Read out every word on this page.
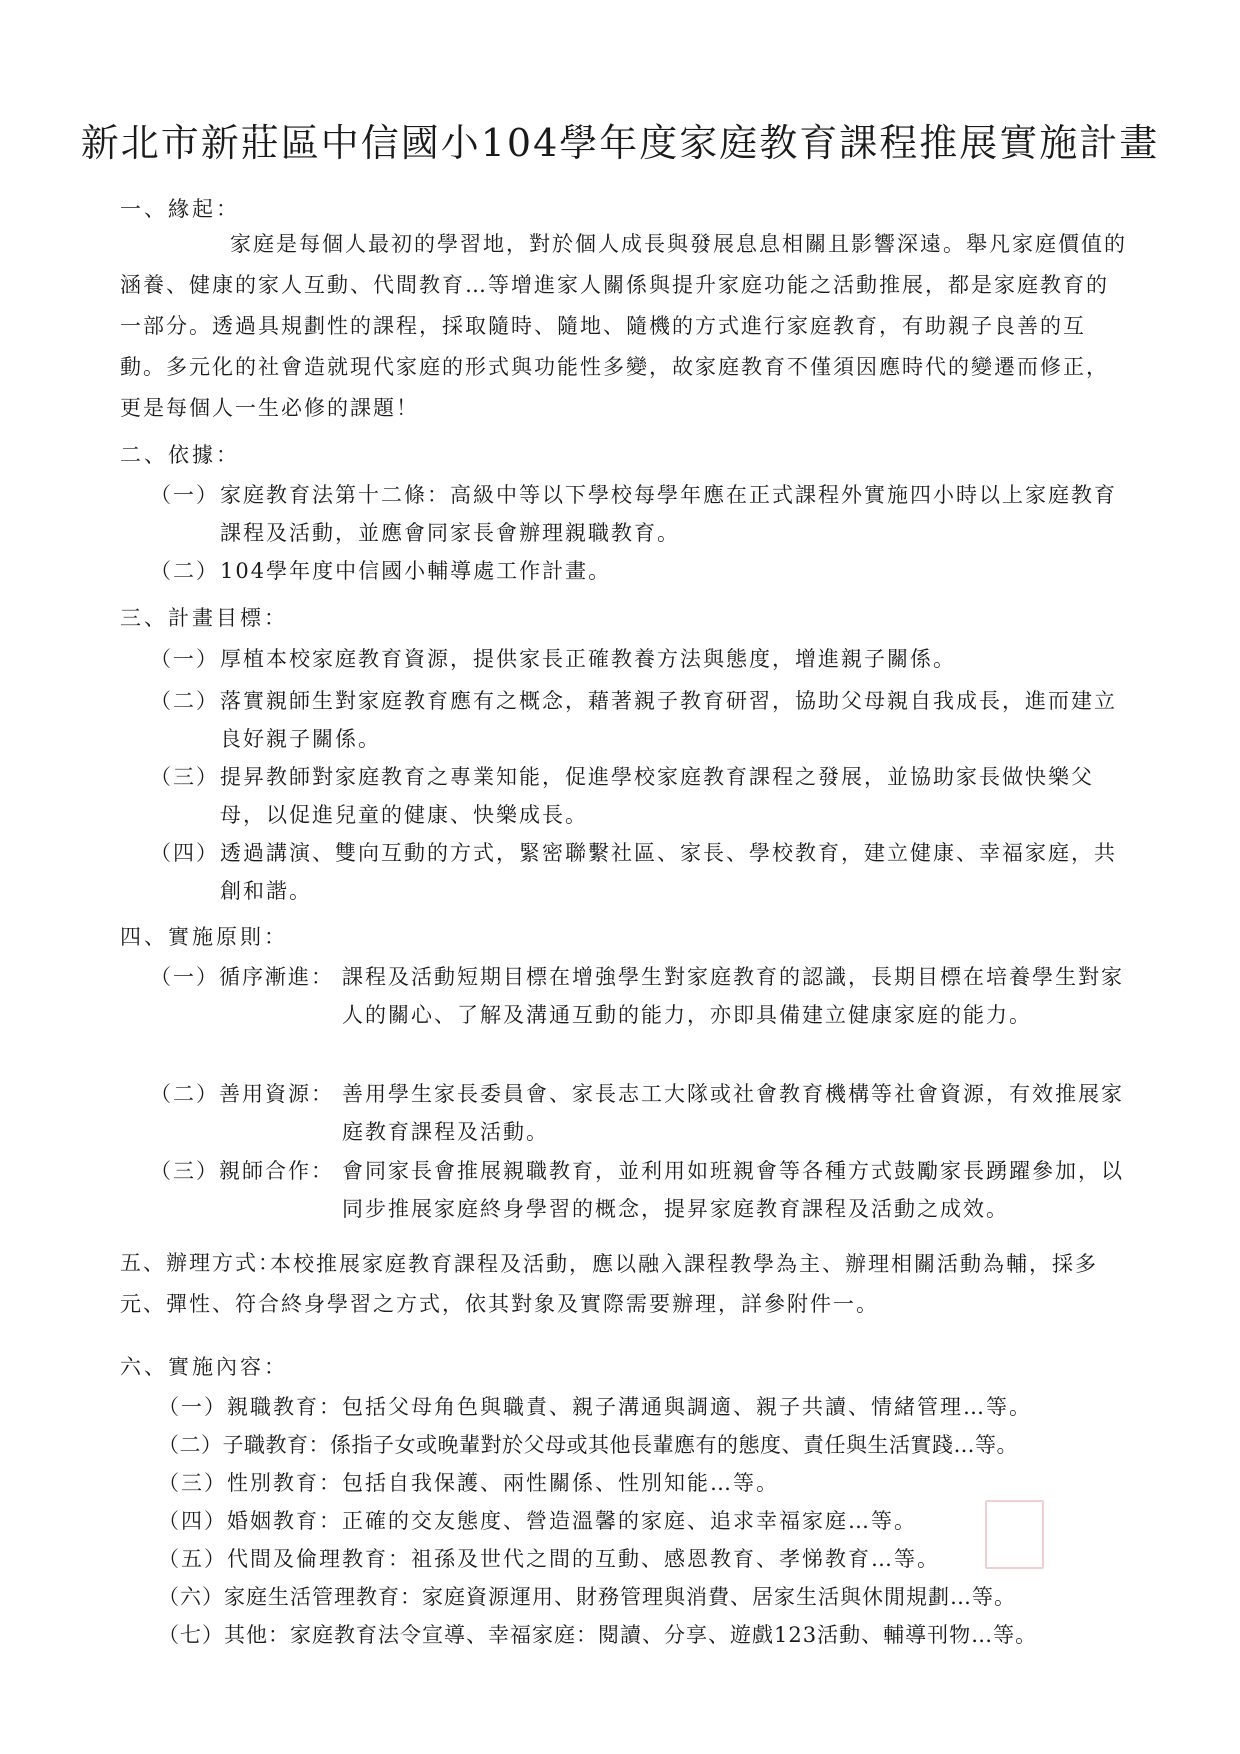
新北市新莊區中信國小104學年度家庭教育課程推展實施計畫
一、緣起：
家庭是每個人最初的學習地，對於個人成長與發展息息相關且影響深遠。舉凡家庭價值的涵養、健康的家人互動、代間教育…等增進家人關係與提升家庭功能之活動推展，都是家庭教育的一部分。透過具規劃性的課程，採取隨時、隨地、隨機的方式進行家庭教育，有助親子良善的互動。多元化的社會造就現代家庭的形式與功能性多變，故家庭教育不僅須因應時代的變遷而修正，更是每個人一生必修的課題！
二、依據：
（一） 家庭教育法第十二條：高級中等以下學校每學年應在正式課程外實施四小時以上家庭教育課程及活動，並應會同家長會辦理親職教育。
（二） 104學年度中信國小輔導處工作計畫。
三、計畫目標：
（一） 厚植本校家庭教育資源，提供家長正確教養方法與態度，增進親子關係。
（二） 落實親師生對家庭教育應有之概念，藉著親子教育研習，協助父母親自我成長，進而建立良好親子關係。
（三） 提昇教師對家庭教育之專業知能，促進學校家庭教育課程之發展，並協助家長做快樂父母，以促進兒童的健康、快樂成長。
（四） 透過講演、雙向互動的方式，緊密聯繫社區、家長、學校教育，建立健康、幸福家庭，共創和諧。
四、實施原則：
（一）循序漸進： 課程及活動短期目標在增強學生對家庭教育的認識，長期目標在培養學生對家人的關心、了解及溝通互動的能力，亦即具備建立健康家庭的能力。
（二）善用資源： 善用學生家長委員會、家長志工大隊或社會教育機構等社會資源，有效推展家庭教育課程及活動。
（三）親師合作： 會同家長會推展親職教育，並利用如班親會等各種方式鼓勵家長踴躍參加，以同步推展家庭終身學習的概念，提昇家庭教育課程及活動之成效。
五、辦理方式：
本校推展家庭教育課程及活動，應以融入課程教學為主、辦理相關活動為輔，採多元、彈性、符合終身學習之方式，依其對象及實際需要辦理，詳參附件一。
六、實施內容：
（一）親職教育：包括父母角色與職責、親子溝通與調適、親子共讀、情緒管理…等。
（二）子職教育：係指子女或晚輩對於父母或其他長輩應有的態度、責任與生活實踐…等。
（三）性別教育：包括自我保護、兩性關係、性別知能…等。
（四）婚姻教育：正確的交友態度、營造溫馨的家庭、追求幸福家庭…等。
（五）代間及倫理教育：祖孫及世代之間的互動、感恩教育、孝悌教育…等。
（六）家庭生活管理教育：家庭資源運用、財務管理與消費、居家生活與休閒規劃…等。
（七）其他：家庭教育法令宣導、幸福家庭：閱讀、分享、遊戲123活動、輔導刊物…等。
